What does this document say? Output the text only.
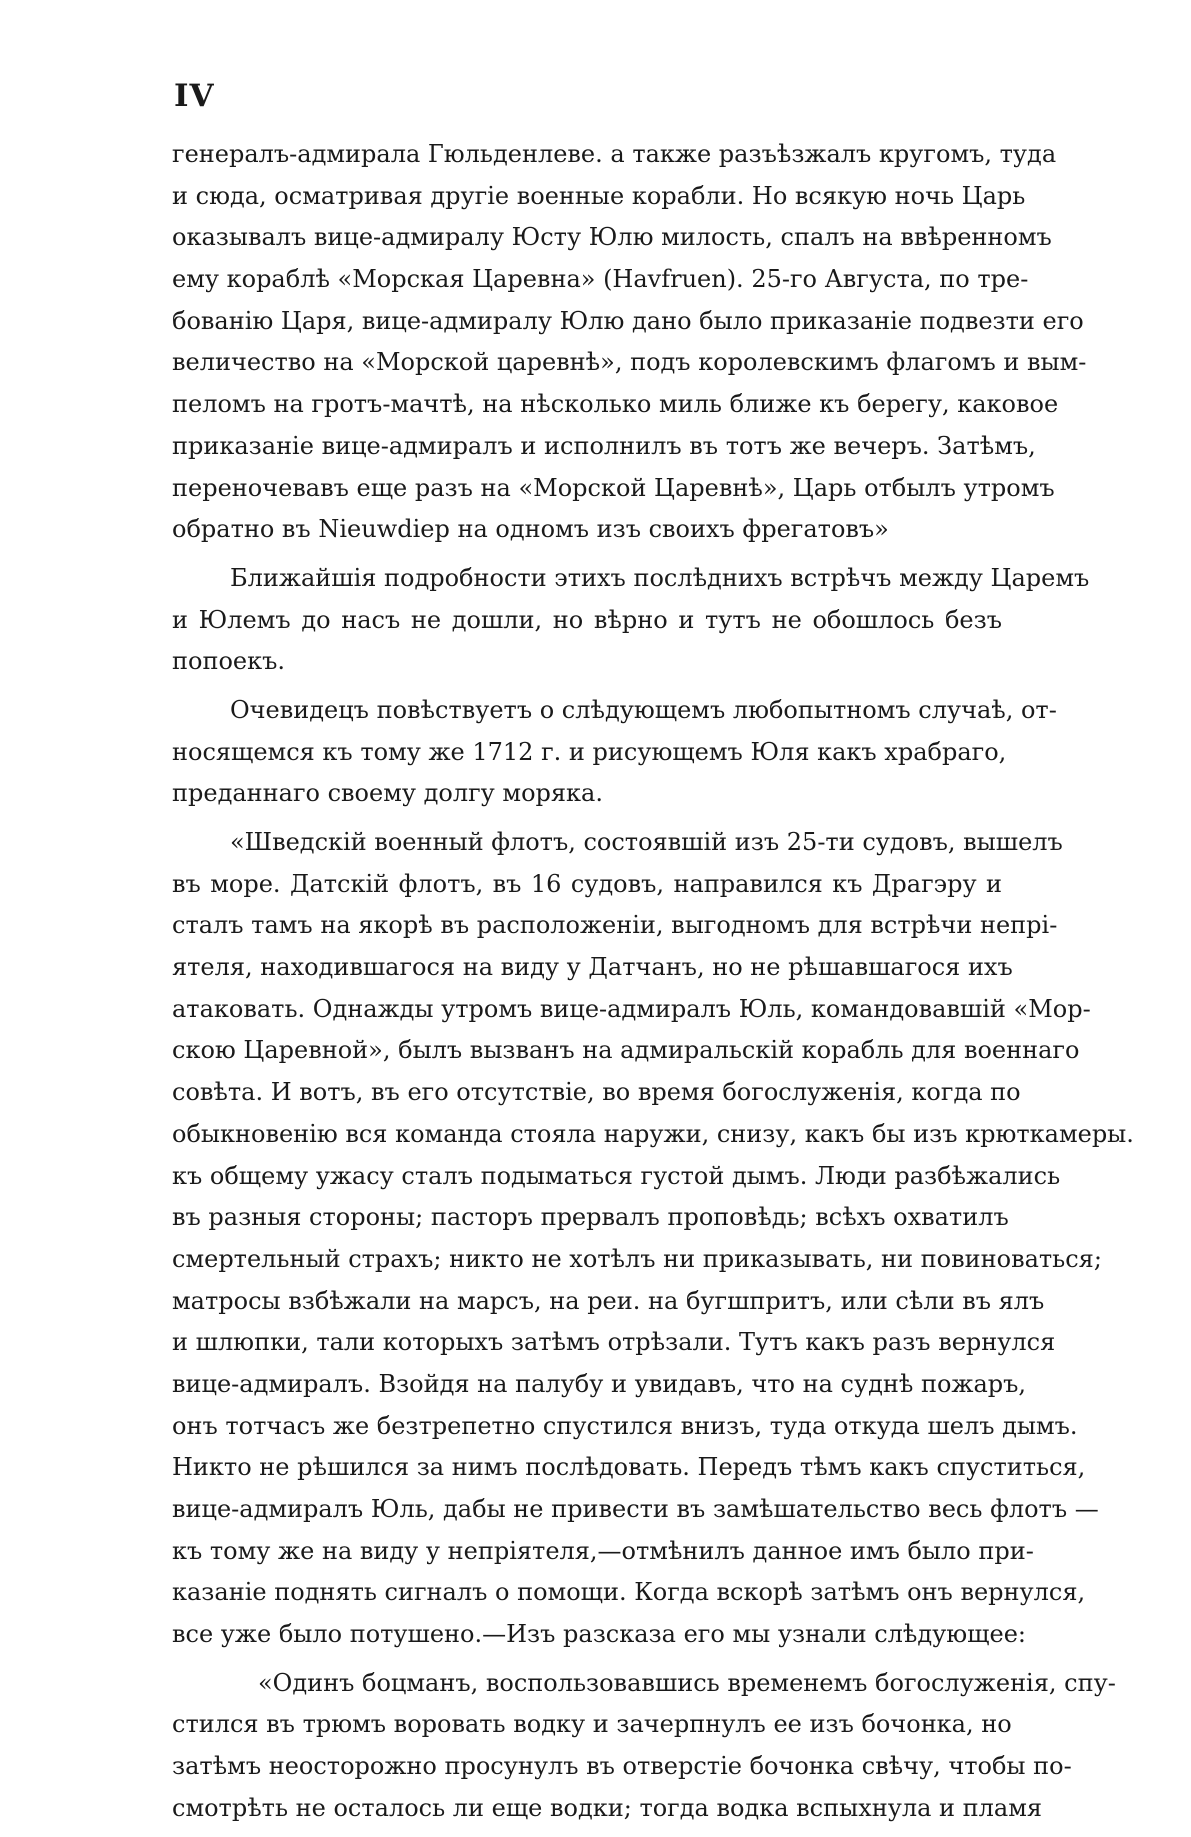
IV
генералъ-адмирала Гюльденлеве. а также разъѣзжалъ кругомъ, туда
и сюда, осматривая другіе военные корабли. Но всякую ночь Царь
оказывалъ вице-адмиралу Юсту Юлю милость, спалъ на ввѣренномъ
ему кораблѣ «Морская Царевна» (Havfruen). 25-го Августа, по тре-
бованію Царя, вице-адмиралу Юлю дано было приказаніе подвезти его
величество на «Морской царевнѣ», подъ королевскимъ флагомъ и вым-
пеломъ на гротъ-мачтѣ, на нѣсколько миль ближе къ берегу, каковое
приказаніе вице-адмиралъ и исполнилъ въ тотъ же вечеръ. Затѣмъ,
переночевавъ еще разъ на «Морской Царевнѣ», Царь отбылъ утромъ
обратно въ Nieuwdiep на одномъ изъ своихъ фрегатовъ»
Ближайшія подробности этихъ послѣднихъ встрѣчъ между Царемъ
и Юлемъ до насъ не дошли, но вѣрно и тутъ не обошлось безъ
попоекъ.
Очевидецъ повѣствуетъ о слѣдующемъ любопытномъ случаѣ, от-
носящемся къ тому же 1712 г. и рисующемъ Юля какъ храбраго,
преданнаго своему долгу моряка.
«Шведскій военный флотъ, состоявшій изъ 25-ти судовъ, вышелъ
въ море. Датскій флотъ, въ 16 судовъ, направился къ Драгэру и
сталъ тамъ на якорѣ въ расположеніи, выгодномъ для встрѣчи непрі-
ятеля, находившагося на виду у Датчанъ, но не рѣшавшагося ихъ
атаковать. Однажды утромъ вице-адмиралъ Юль, командовавшій «Мор-
скою Царевной», былъ вызванъ на адмиральскій корабль для военнаго
совѣта. И вотъ, въ его отсутствіе, во время богослуженія, когда по
обыкновенію вся команда стояла наружи, снизу, какъ бы изъ крюткамеры.
къ общему ужасу сталъ подыматься густой дымъ. Люди разбѣжались
въ разныя стороны; пасторъ прервалъ проповѣдь; всѣхъ охватилъ
смертельный страхъ; никто не хотѣлъ ни приказывать, ни повиноваться;
матросы взбѣжали на марсъ, на реи. на бугшпритъ, или сѣли въ ялъ
и шлюпки, тали которыхъ затѣмъ отрѣзали. Тутъ какъ разъ вернулся
вице-адмиралъ. Взойдя на палубу и увидавъ, что на суднѣ пожаръ,
онъ тотчасъ же безтрепетно спустился внизъ, туда откуда шелъ дымъ.
Никто не рѣшился за нимъ послѣдовать. Передъ тѣмъ какъ спуститься,
вице-адмиралъ Юль, дабы не привести въ замѣшательство весь флотъ —
къ тому же на виду у непріятеля,—отмѣнилъ данное имъ было при-
казаніе поднять сигналъ о помощи. Когда вскорѣ затѣмъ онъ вернулся,
все уже было потушено.—Изъ разсказа его мы узнали слѣдующее:
«Одинъ боцманъ, воспользовавшись временемъ богослуженія, спу-
стился въ трюмъ воровать водку и зачерпнулъ ее изъ бочонка, но
затѣмъ неосторожно просунулъ въ отверстіе бочонка свѣчу, чтобы по-
смотрѣть не осталось ли еще водки; тогда водка вспыхнула и пламя
